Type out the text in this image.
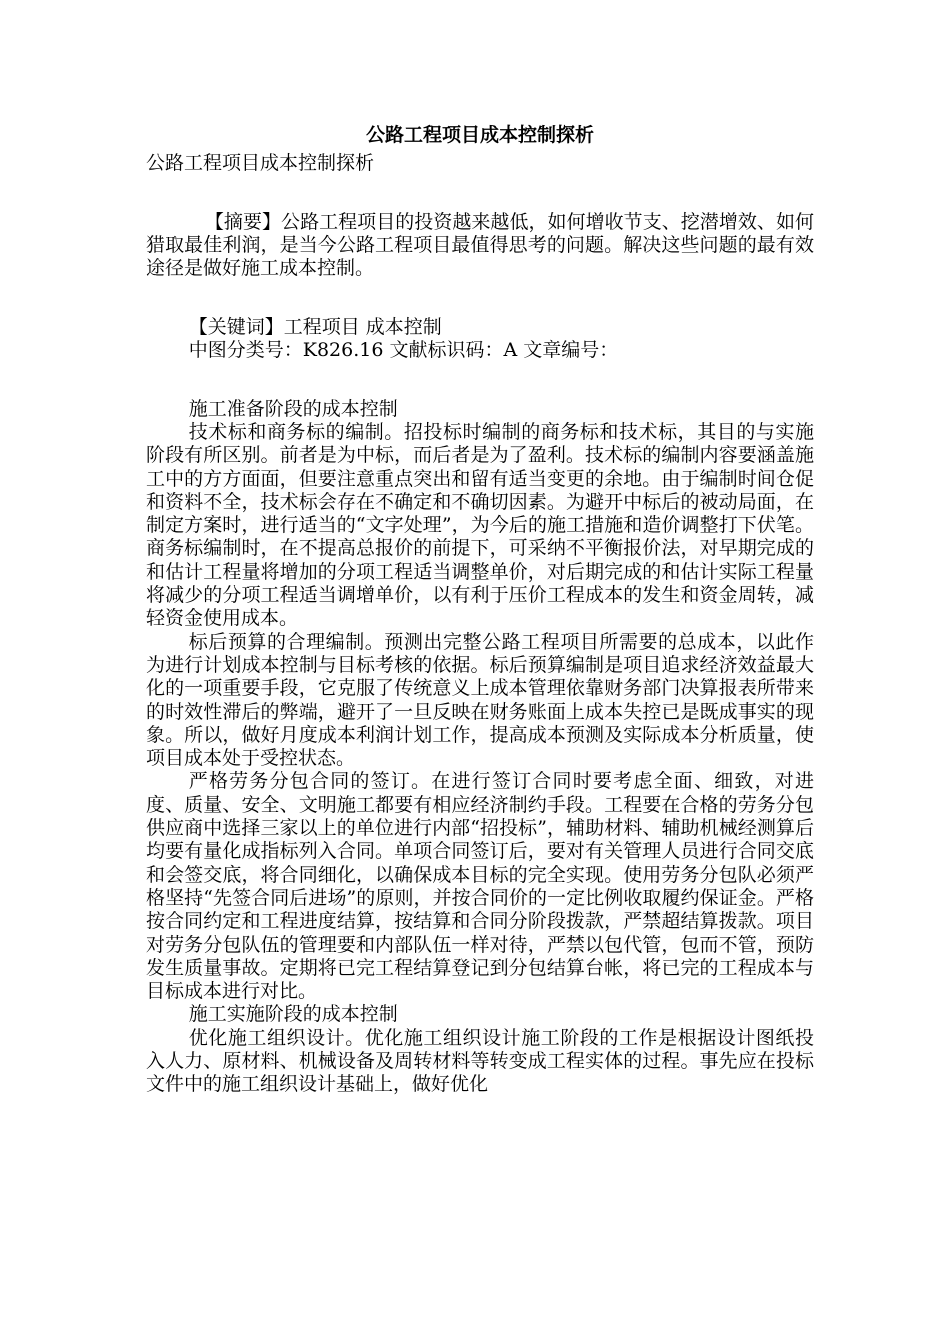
公路工程项目成本控制探析

公路工程项目成本控制探析

【摘要】公路工程项目的投资越来越低，如何增收节支、挖潜增效、如何猎取最佳利润，是当今公路工程项目最值得思考的问题。解决这些问题的最有效途径是做好施工成本控制。

【关键词】工程项目 成本控制

中图分类号：K826.16 文献标识码：A 文章编号：

施工准备阶段的成本控制

技术标和商务标的编制。招投标时编制的商务标和技术标，其目的与实施阶段有所区别。前者是为中标，而后者是为了盈利。技术标的编制内容要涵盖施工中的方方面面，但要注意重点突出和留有适当变更的余地。由于编制时间仓促和资料不全，技术标会存在不确定和不确切因素。为避开中标后的被动局面，在制定方案时，进行适当的“文字处理”，为今后的施工措施和造价调整打下伏笔。商务标编制时，在不提高总报价的前提下，可采纳不平衡报价法，对早期完成的和估计工程量将增加的分项工程适当调整单价，对后期完成的和估计实际工程量将减少的分项工程适当调增单价，以有利于压价工程成本的发生和资金周转，减轻资金使用成本。

标后预算的合理编制。预测出完整公路工程项目所需要的总成本，以此作为进行计划成本控制与目标考核的依据。标后预算编制是项目追求经济效益最大化的一项重要手段，它克服了传统意义上成本管理依靠财务部门决算报表所带来的时效性滞后的弊端，避开了一旦反映在财务账面上成本失控已是既成事实的现象。所以，做好月度成本利润计划工作，提高成本预测及实际成本分析质量，使项目成本处于受控状态。

严格劳务分包合同的签订。在进行签订合同时要考虑全面、细致，对进度、质量、安全、文明施工都要有相应经济制约手段。工程要在合格的劳务分包供应商中选择三家以上的单位进行内部“招投标”，辅助材料、辅助机械经测算后均要有量化成指标列入合同。单项合同签订后，要对有关管理人员进行合同交底和会签交底，将合同细化，以确保成本目标的完全实现。使用劳务分包队必须严格坚持“先签合同后进场”的原则，并按合同价的一定比例收取履约保证金。严格按合同约定和工程进度结算，按结算和合同分阶段拨款，严禁超结算拨款。项目对劳务分包队伍的管理要和内部队伍一样对待，严禁以包代管，包而不管，预防发生质量事故。定期将已完工程结算登记到分包结算台帐，将已完的工程成本与目标成本进行对比。

施工实施阶段的成本控制

优化施工组织设计。优化施工组织设计施工阶段的工作是根据设计图纸投入人力、原材料、机械设备及周转材料等转变成工程实体的过程。事先应在投标文件中的施工组织设计基础上，做好优化
